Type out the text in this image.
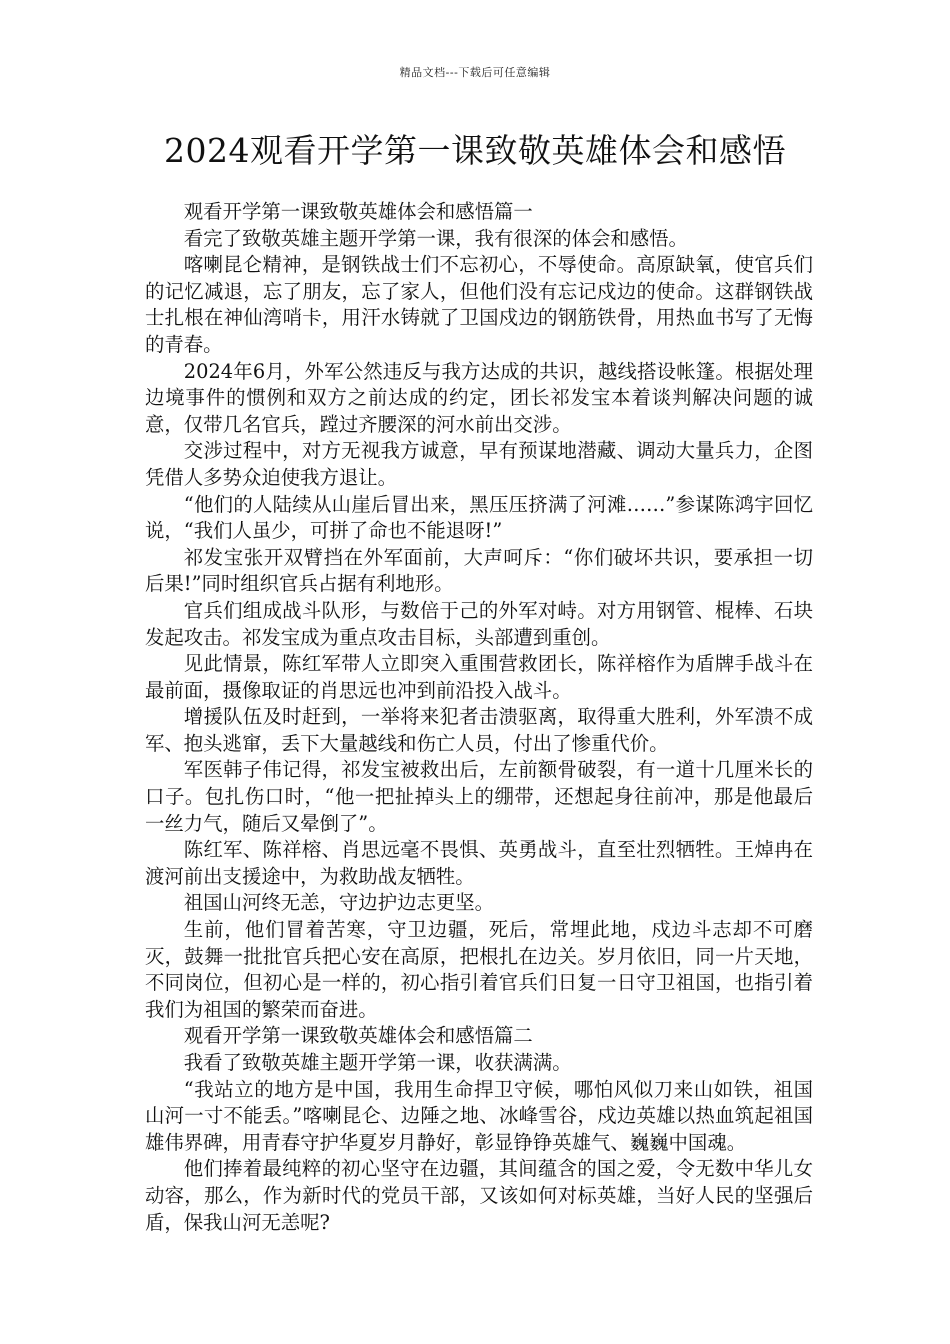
精品文档---下载后可任意编辑
2024观看开学第一课致敬英雄体会和感悟

观看开学第一课致敬英雄体会和感悟篇一

看完了致敬英雄主题开学第一课，我有很深的体会和感悟。

喀喇昆仑精神，是钢铁战士们不忘初心，不辱使命。高原缺氧，使官兵们的记忆减退，忘了朋友，忘了家人，但他们没有忘记戍边的使命。这群钢铁战士扎根在神仙湾哨卡，用汗水铸就了卫国戍边的钢筋铁骨，用热血书写了无悔的青春。

2024年6月，外军公然违反与我方达成的共识，越线搭设帐篷。根据处理边境事件的惯例和双方之前达成的约定，团长祁发宝本着谈判解决问题的诚意，仅带几名官兵，蹚过齐腰深的河水前出交涉。

交涉过程中，对方无视我方诚意，早有预谋地潜藏、调动大量兵力，企图凭借人多势众迫使我方退让。

“他们的人陆续从山崖后冒出来，黑压压挤满了河滩……”参谋陈鸿宇回忆说，“我们人虽少，可拼了命也不能退呀!”

祁发宝张开双臂挡在外军面前，大声呵斥：“你们破坏共识，要承担一切后果!”同时组织官兵占据有利地形。

官兵们组成战斗队形，与数倍于己的外军对峙。对方用钢管、棍棒、石块发起攻击。祁发宝成为重点攻击目标，头部遭到重创。

见此情景，陈红军带人立即突入重围营救团长，陈祥榕作为盾牌手战斗在最前面，摄像取证的肖思远也冲到前沿投入战斗。

增援队伍及时赶到，一举将来犯者击溃驱离，取得重大胜利，外军溃不成军、抱头逃窜，丢下大量越线和伤亡人员，付出了惨重代价。

军医韩子伟记得，祁发宝被救出后，左前额骨破裂，有一道十几厘米长的口子。包扎伤口时，“他一把扯掉头上的绷带，还想起身往前冲，那是他最后一丝力气，随后又晕倒了”。

陈红军、陈祥榕、肖思远毫不畏惧、英勇战斗，直至壮烈牺牲。王焯冉在渡河前出支援途中，为救助战友牺牲。

祖国山河终无恙，守边护边志更坚。

生前，他们冒着苦寒，守卫边疆，死后，常埋此地，戍边斗志却不可磨灭，鼓舞一批批官兵把心安在高原，把根扎在边关。岁月依旧，同一片天地，不同岗位，但初心是一样的，初心指引着官兵们日复一日守卫祖国，也指引着我们为祖国的繁荣而奋进。

观看开学第一课致敬英雄体会和感悟篇二

我看了致敬英雄主题开学第一课，收获满满。

“我站立的地方是中国，我用生命捍卫守候，哪怕风似刀来山如铁，祖国山河一寸不能丢。”喀喇昆仑、边陲之地、冰峰雪谷，戍边英雄以热血筑起祖国雄伟界碑，用青春守护华夏岁月静好，彰显铮铮英雄气、巍巍中国魂。

他们捧着最纯粹的初心坚守在边疆，其间蕴含的国之爱，令无数中华儿女动容，那么，作为新时代的党员干部，又该如何对标英雄，当好人民的坚强后盾，保我山河无恙呢?
